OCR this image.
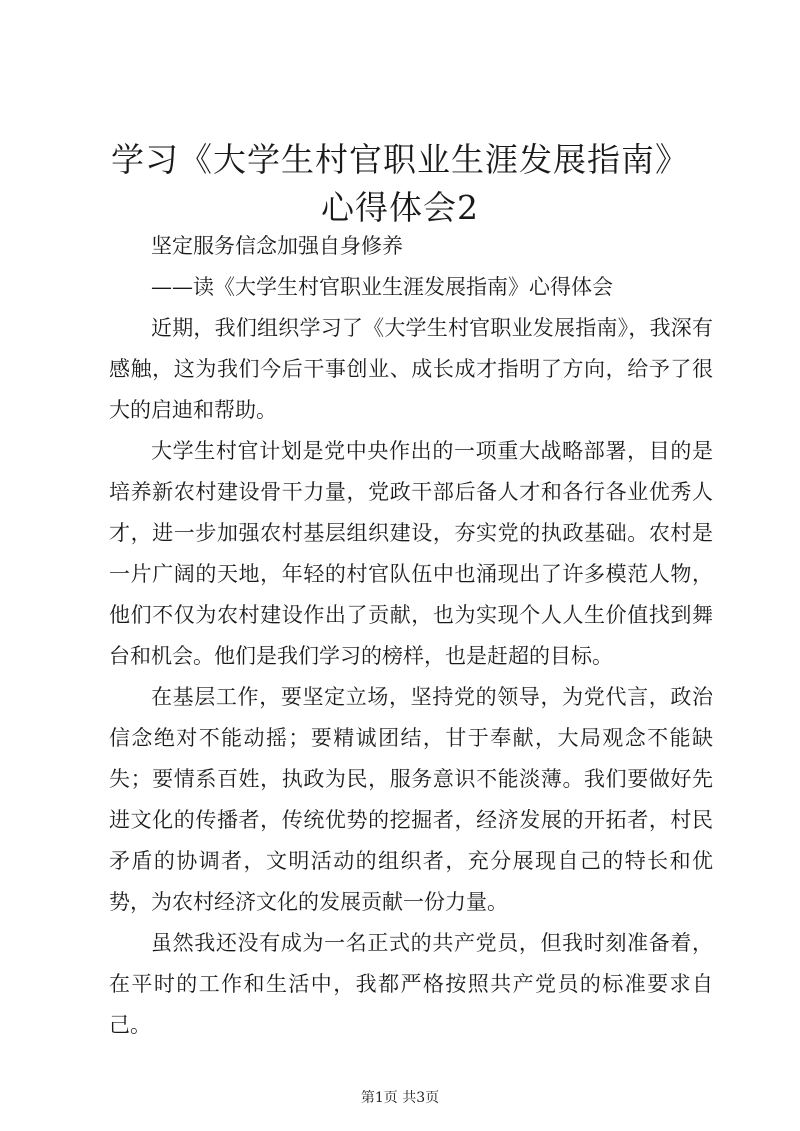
学习《大学生村官职业生涯发展指南》心得体会2

坚定服务信念加强自身修养

——读《大学生村官职业生涯发展指南》心得体会

近期，我们组织学习了《大学生村官职业发展指南》，我深有感触，这为我们今后干事创业、成长成才指明了方向，给予了很大的启迪和帮助。

大学生村官计划是党中央作出的一项重大战略部署，目的是培养新农村建设骨干力量，党政干部后备人才和各行各业优秀人才，进一步加强农村基层组织建设，夯实党的执政基础。农村是一片广阔的天地，年轻的村官队伍中也涌现出了许多模范人物，他们不仅为农村建设作出了贡献，也为实现个人人生价值找到舞台和机会。他们是我们学习的榜样，也是赶超的目标。

在基层工作，要坚定立场，坚持党的领导，为党代言，政治信念绝对不能动摇；要精诚团结，甘于奉献，大局观念不能缺失；要情系百姓，执政为民，服务意识不能淡薄。我们要做好先进文化的传播者，传统优势的挖掘者，经济发展的开拓者，村民矛盾的协调者，文明活动的组织者，充分展现自己的特长和优势，为农村经济文化的发展贡献一份力量。

虽然我还没有成为一名正式的共产党员，但我时刻准备着，在平时的工作和生活中，我都严格按照共产党员的标准要求自己。

第1页 共3页
